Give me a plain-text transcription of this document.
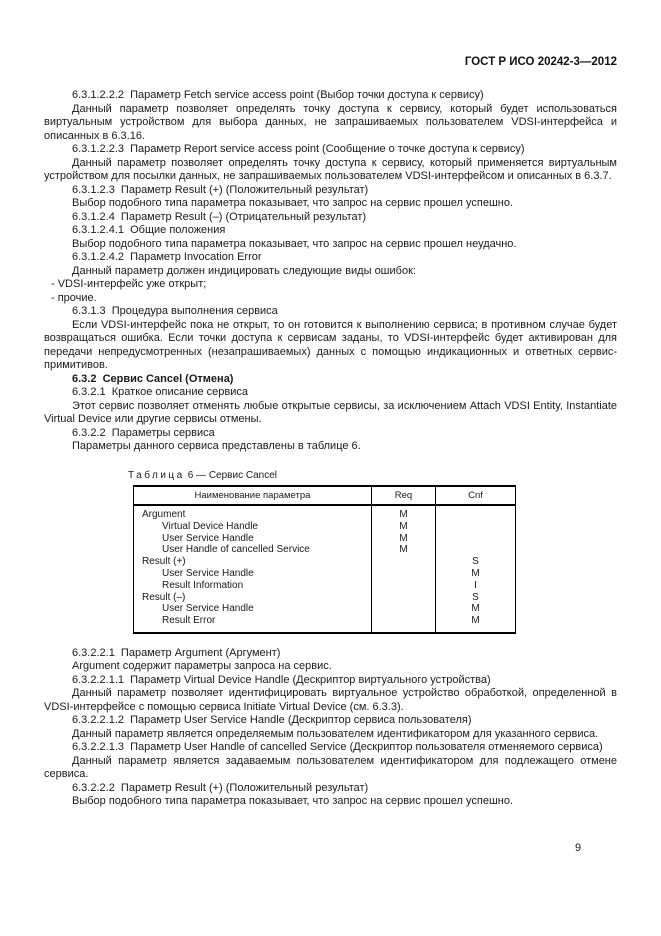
ГОСТ Р ИСО 20242-3—2012

6.3.1.2.2.2  Параметр Fetch service access point (Выбор точки доступа к сервису)

Данный параметр позволяет определять точку доступа к сервису, который будет использоваться виртуальным устройством для выбора данных, не запрашиваемых пользователем VDSI-интерфейса и описанных в 6.3.16.

6.3.1.2.2.3  Параметр Report service access point (Сообщение о точке доступа к сервису)

Данный параметр позволяет определять точку доступа к сервису, который применяется виртуальным устройством для посылки данных, не запрашиваемых пользователем VDSI-интерфейсом и описанных в 6.3.7.

6.3.1.2.3  Параметр Result (+) (Положительный результат)

Выбор подобного типа параметра показывает, что запрос на сервис прошел успешно.

6.3.1.2.4  Параметр Result (–) (Отрицательный результат)

6.3.1.2.4.1  Общие положения

Выбор подобного типа параметра показывает, что запрос на сервис прошел неудачно.

6.3.1.2.4.2  Параметр Invocation Error

Данный параметр должен индицировать следующие виды ошибок:

- VDSI-интерфейс уже открыт;

- прочие.

6.3.1.3  Процедура выполнения сервиса

Если VDSI-интерфейс пока не открыт, то он готовится к выполнению сервиса; в противном случае будет возвращаться ошибка. Если точки доступа к сервисам заданы, то VDSI-интерфейс будет активирован для передачи непредусмотренных (незапрашиваемых) данных с помощью индикационных и ответных сервис-примитивов.

6.3.2  Сервис Cancel (Отмена)

6.3.2.1  Краткое описание сервиса

Этот сервис позволяет отменять любые открытые сервисы, за исключением Attach VDSI Entity, Instantiate Virtual Device или другие сервисы отмены.

6.3.2.2  Параметры сервиса

Параметры данного сервиса представлены в таблице 6.

Таблица 6 — Сервис Cancel

Наименование параметра	Req	Cnf
Argument	M	
Virtual Device Handle	M	
User Service Handle	M	
User Handle of cancelled Service	M	
Result (+)		S
User Service Handle		M
Result Information		I
Result (–)		S
User Service Handle		M
Result Error		M

6.3.2.2.1  Параметр Argument (Аргумент)

Argument содержит параметры запроса на сервис.

6.3.2.2.1.1  Параметр Virtual Device Handle (Дескриптор виртуального устройства)

Данный параметр позволяет идентифицировать виртуальное устройство обработкой, определенной в VDSI-интерфейсе с помощью сервиса Initiate Virtual Device (см. 6.3.3).

6.3.2.2.1.2  Параметр User Service Handle (Дескриптор сервиса пользователя)

Данный параметр является определяемым пользователем идентификатором для указанного сервиса.

6.3.2.2.1.3  Параметр User Handle of cancelled Service (Дескриптор пользователя отменяемого сервиса)

Данный параметр является задаваемым пользователем идентификатором для подлежащего отмене сервиса.

6.3.2.2.2  Параметр Result (+) (Положительный результат)

Выбор подобного типа параметра показывает, что запрос на сервис прошел успешно.

9
